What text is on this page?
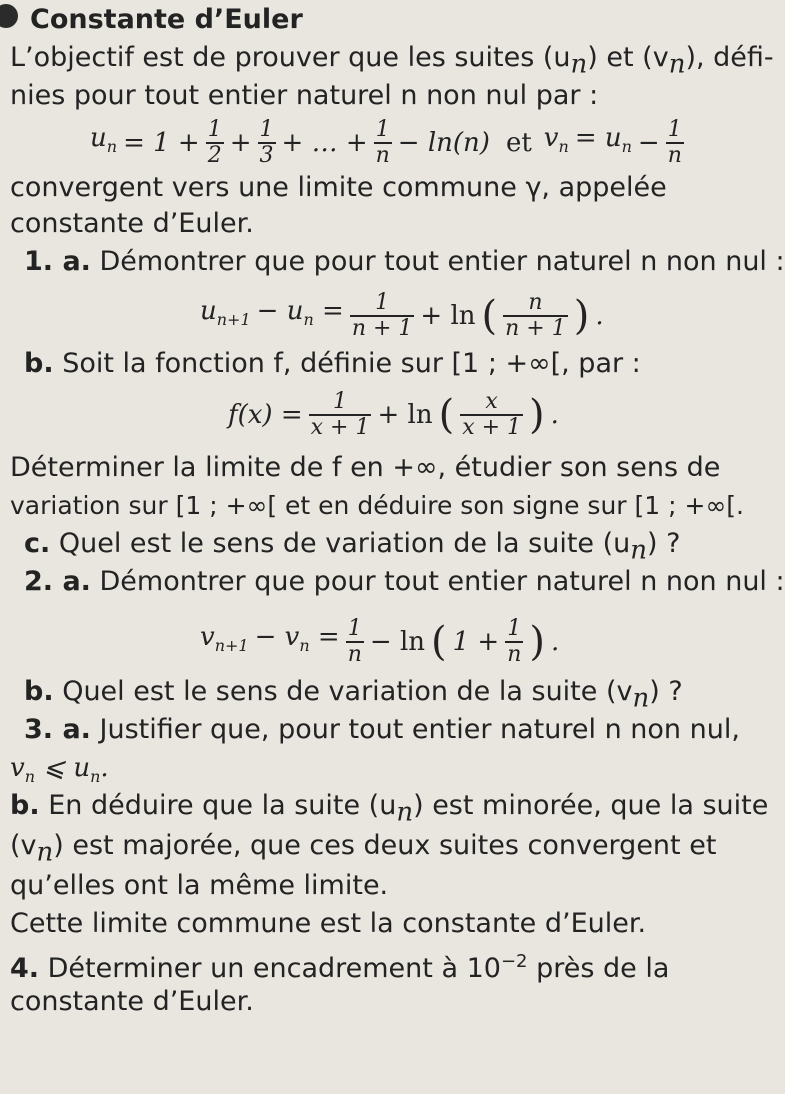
Constante d’Euler
L’objectif est de prouver que les suites $(u_n)$ et $(v_n)$, défi-
nies pour tout entier naturel n non nul par :
$u_n = 1 + \frac{1}{2} + \frac{1}{3}$ + … + $\frac{1}{n} - \ln(n)$ et $v_n = u_n - \frac{1}{n}$
convergent vers une limite commune γ, appelée
constante d’Euler.
1. a. Démontrer que pour tout entier naturel n non nul :
$u_{n+1} - u_n = \frac{1}{n + 1} + \ln$ ( $\frac{n}{n + 1}$ ) .
b. Soit la fonction f, définie sur [1 ; +∞[, par :
$f(x) = \frac{1}{x + 1} + \ln$ ( $\frac{x}{x + 1}$ ) .
Déterminer la limite de f en +∞, étudier son sens de
variation sur [1 ; +∞[ et en déduire son signe sur [1 ; +∞[.
c. Quel est le sens de variation de la suite $(u_n)$ ?
2. a. Démontrer que pour tout entier naturel n non nul :
$v_{n+1} - v_n = \frac{1}{n} - \ln$ ( $1 + \frac{1}{n}$ ) .
b. Quel est le sens de variation de la suite $(v_n)$ ?
3. a. Justifier que, pour tout entier naturel n non nul,
$v_n$ ⩽ $u_n$.
b. En déduire que la suite $(u_n)$ est minorée, que la suite
$(v_n)$ est majorée, que ces deux suites convergent et
qu’elles ont la même limite.
Cette limite commune est la constante d’Euler.
4. Déterminer un encadrement à $10^{-2}$ près de la
constante d’Euler.
